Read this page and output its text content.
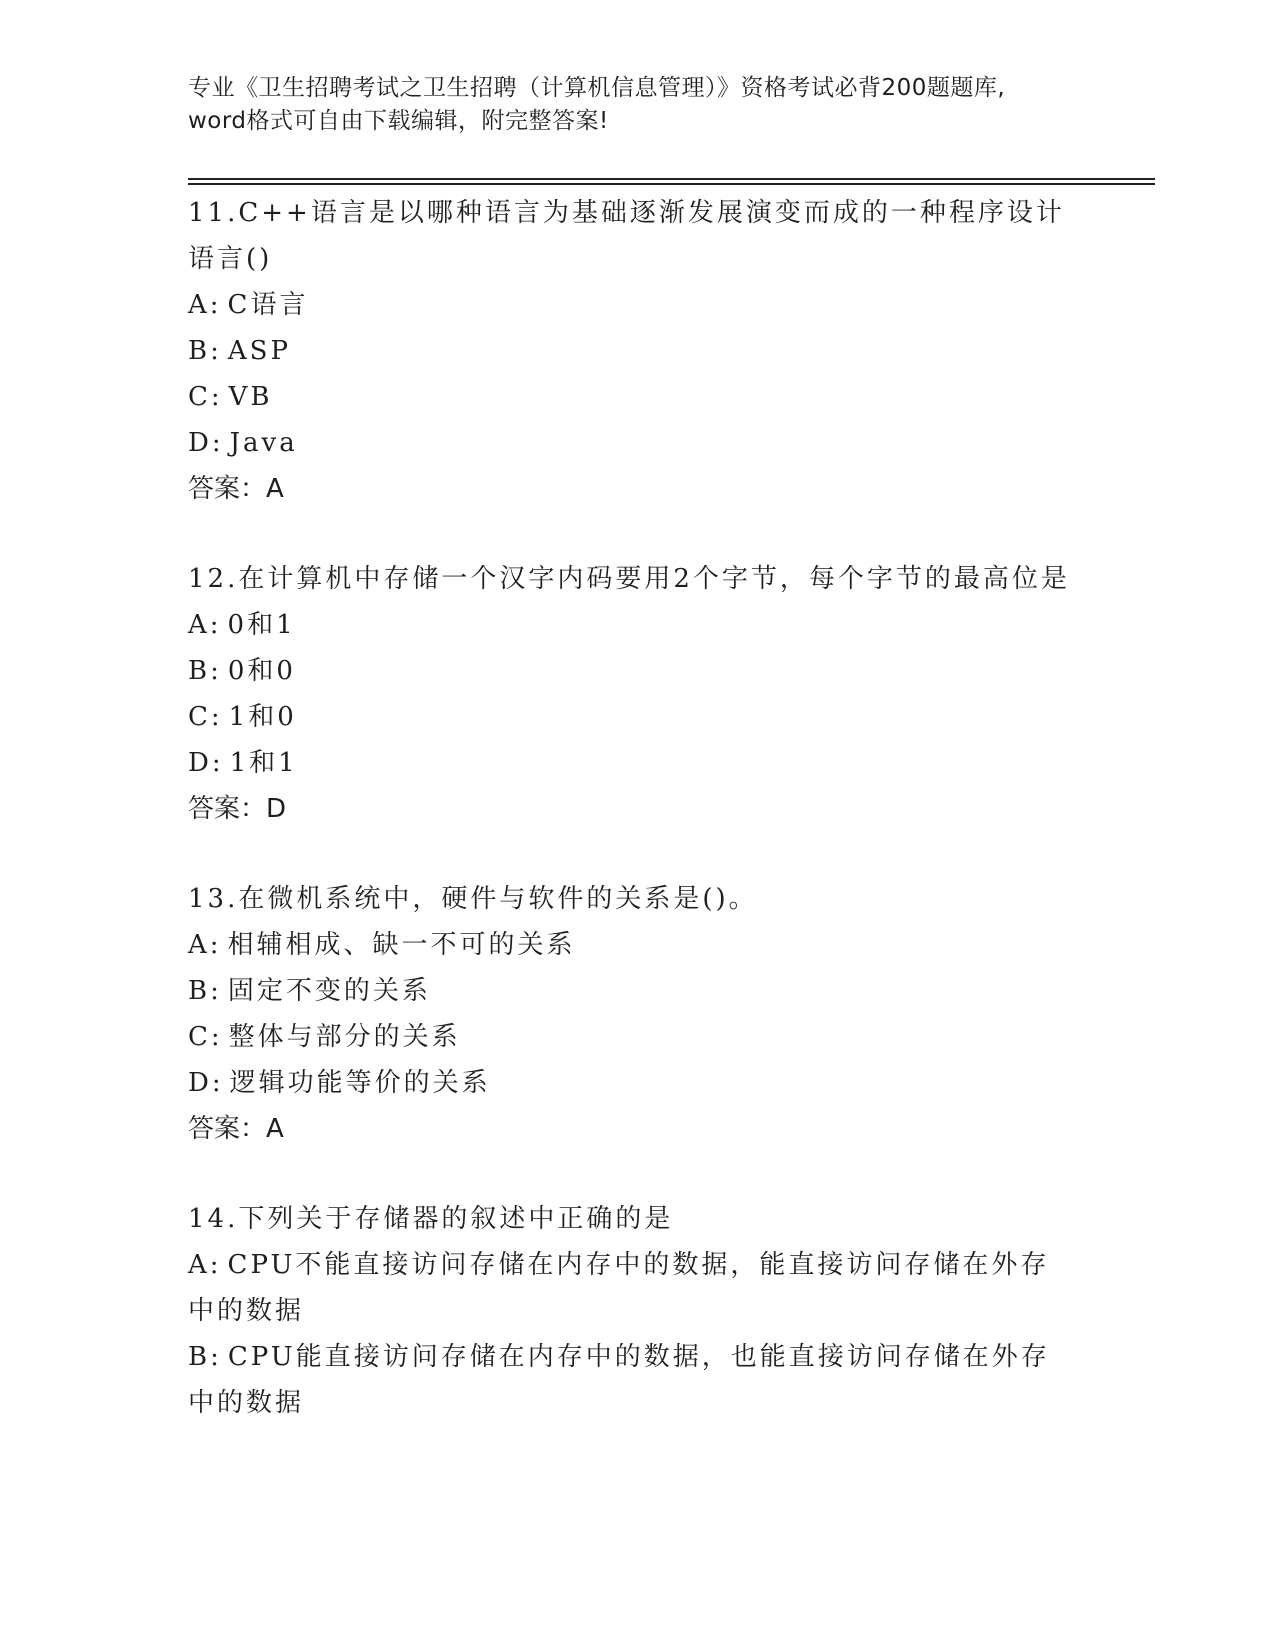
专业《卫生招聘考试之卫生招聘（计算机信息管理）》资格考试必背200题题库,
word格式可自由下载编辑，附完整答案!
11.C++语言是以哪种语言为基础逐渐发展演变而成的一种程序设计语言()
A: C语言
B: ASP
C: VB
D: Java
答案：A
12.在计算机中存储一个汉字内码要用2个字节，每个字节的最高位是
A: 0和1
B: 0和0
C: 1和0
D: 1和1
答案：D
13.在微机系统中，硬件与软件的关系是()。
A: 相辅相成、缺一不可的关系
B: 固定不变的关系
C: 整体与部分的关系
D: 逻辑功能等价的关系
答案：A
14.下列关于存储器的叙述中正确的是
A: CPU不能直接访问存储在内存中的数据，能直接访问存储在外存中的数据
B: CPU能直接访问存储在内存中的数据，也能直接访问存储在外存中的数据
